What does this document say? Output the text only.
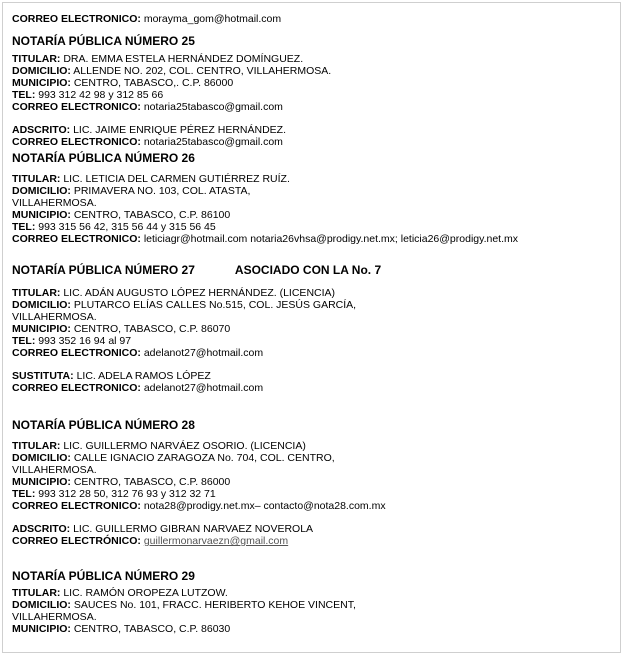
CORREO ELECTRONICO: morayma_gom@hotmail.com
NOTARÍA PÚBLICA NÚMERO 25
TITULAR: DRA. EMMA ESTELA HERNÁNDEZ DOMÍNGUEZ.
DOMICILIO: ALLENDE NO. 202, COL. CENTRO, VILLAHERMOSA.
MUNICIPIO: CENTRO, TABASCO,. C.P. 86000
TEL: 993 312 42 98 y 312 85 66
CORREO ELECTRONICO: notaria25tabasco@gmail.com
ADSCRITO: LIC. JAIME ENRIQUE PÉREZ HERNÁNDEZ.
CORREO ELECTRONICO: notaria25tabasco@gmail.com
NOTARÍA PÚBLICA NÚMERO 26
TITULAR: LIC. LETICIA DEL CARMEN GUTIÉRREZ RUÍZ.
DOMICILIO: PRIMAVERA NO. 103, COL. ATASTA,
VILLAHERMOSA.
MUNICIPIO: CENTRO, TABASCO, C.P. 86100
TEL: 993 315 56 42, 315 56 44 y 315 56 45
CORREO ELECTRONICO: leticiagr@hotmail.com notaria26vhsa@prodigy.net.mx; leticia26@prodigy.net.mx
NOTARÍA PÚBLICA NÚMERO 27	ASOCIADO CON LA No. 7
TITULAR: LIC. ADÁN AUGUSTO LÓPEZ HERNÁNDEZ. (LICENCIA)
DOMICILIO: PLUTARCO ELÍAS CALLES No.515, COL. JESÚS GARCÍA,
VILLAHERMOSA.
MUNICIPIO: CENTRO, TABASCO, C.P. 86070
TEL: 993 352 16 94 al 97
CORREO ELECTRONICO: adelanot27@hotmail.com
SUSTITUTA: LIC. ADELA RAMOS LÓPEZ
CORREO ELECTRONICO: adelanot27@hotmail.com
NOTARÍA PÚBLICA NÚMERO 28
TITULAR: LIC. GUILLERMO NARVÁEZ OSORIO. (LICENCIA)
DOMICILIO: CALLE IGNACIO ZARAGOZA No. 704, COL. CENTRO,
VILLAHERMOSA.
MUNICIPIO: CENTRO, TABASCO, C.P. 86000
TEL: 993 312 28 50, 312 76 93 y 312 32 71
CORREO ELECTRONICO: nota28@prodigy.net.mx– contacto@nota28.com.mx
ADSCRITO: LIC. GUILLERMO GIBRAN NARVAEZ NOVEROLA
CORREO ELECTRÓNICO: guillermonarvaezn@gmail.com
NOTARÍA PÚBLICA NÚMERO 29
TITULAR: LIC. RAMÓN OROPEZA LUTZOW.
DOMICILIO: SAUCES No. 101, FRACC. HERIBERTO KEHOE VINCENT,
VILLAHERMOSA.
MUNICIPIO: CENTRO, TABASCO, C.P. 86030
